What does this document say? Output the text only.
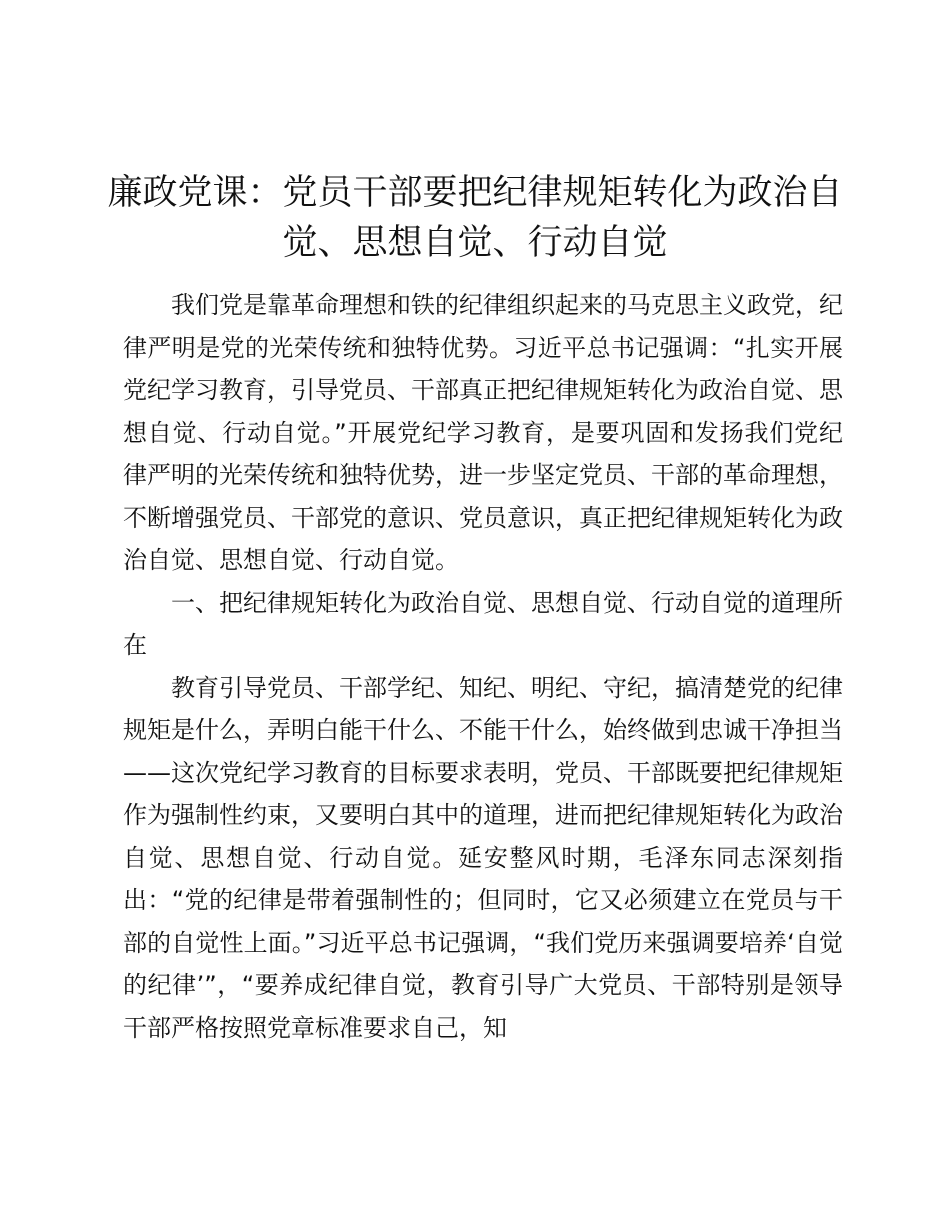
廉政党课：党员干部要把纪律规矩转化为政治自觉、思想自觉、行动自觉

我们党是靠革命理想和铁的纪律组织起来的马克思主义政党，纪律严明是党的光荣传统和独特优势。习近平总书记强调：“扎实开展党纪学习教育，引导党员、干部真正把纪律规矩转化为政治自觉、思想自觉、行动自觉。”开展党纪学习教育，是要巩固和发扬我们党纪律严明的光荣传统和独特优势，进一步坚定党员、干部的革命理想，不断增强党员、干部党的意识、党员意识，真正把纪律规矩转化为政治自觉、思想自觉、行动自觉。

一、把纪律规矩转化为政治自觉、思想自觉、行动自觉的道理所在

教育引导党员、干部学纪、知纪、明纪、守纪，搞清楚党的纪律规矩是什么，弄明白能干什么、不能干什么，始终做到忠诚干净担当——这次党纪学习教育的目标要求表明，党员、干部既要把纪律规矩作为强制性约束，又要明白其中的道理，进而把纪律规矩转化为政治自觉、思想自觉、行动自觉。延安整风时期，毛泽东同志深刻指出：“党的纪律是带着强制性的；但同时，它又必须建立在党员与干部的自觉性上面。”习近平总书记强调，“我们党历来强调要培养‘自觉的纪律’”，“要养成纪律自觉，教育引导广大党员、干部特别是领导干部严格按照党章标准要求自己，知
